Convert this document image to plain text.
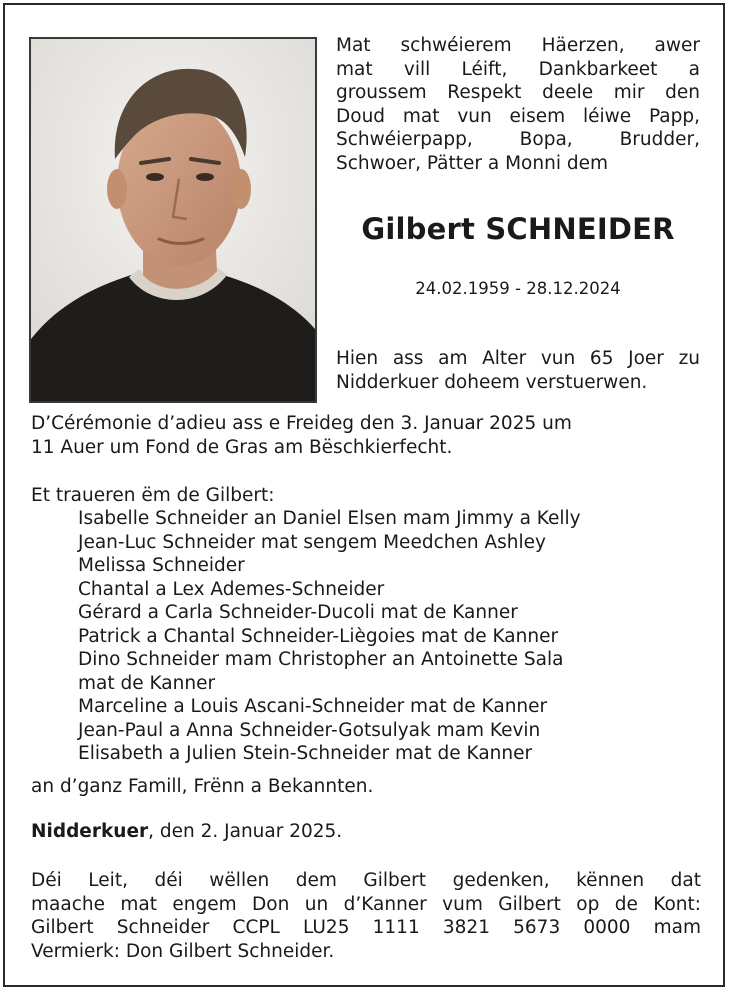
Mat schwéierem Häerzen, awer
mat vill Léift, Dankbarkeet a
groussem Respekt deele mir den
Doud mat vun eisem léiwe Papp,
Schwéierpapp, Bopa, Brudder,
Schwoer, Pätter a Monni dem
Gilbert SCHNEIDER
24.02.1959 - 28.12.2024
Hien ass am Alter vun 65 Joer zu
Nidderkuer doheem verstuerwen.
D’Cérémonie d’adieu ass e Freideg den 3. Januar 2025 um
11 Auer um Fond de Gras am Bëschkierfecht.
Et traueren ëm de Gilbert:
Isabelle Schneider an Daniel Elsen mam Jimmy a Kelly
Jean-Luc Schneider mat sengem Meedchen Ashley
Melissa Schneider
Chantal a Lex Ademes-Schneider
Gérard a Carla Schneider-Ducoli mat de Kanner
Patrick a Chantal Schneider-Liègoies mat de Kanner
Dino Schneider mam Christopher an Antoinette Sala
mat de Kanner
Marceline a Louis Ascani-Schneider mat de Kanner
Jean-Paul a Anna Schneider-Gotsulyak mam Kevin
Elisabeth a Julien Stein-Schneider mat de Kanner
an d’ganz Famill, Frënn a Bekannten.
Nidderkuer, den 2. Januar 2025.
Déi Leit, déi wëllen dem Gilbert gedenken, kënnen dat
maache mat engem Don un d’Kanner vum Gilbert op de Kont:
Gilbert Schneider CCPL LU25 1111 3821 5673 0000 mam
Vermierk: Don Gilbert Schneider.
